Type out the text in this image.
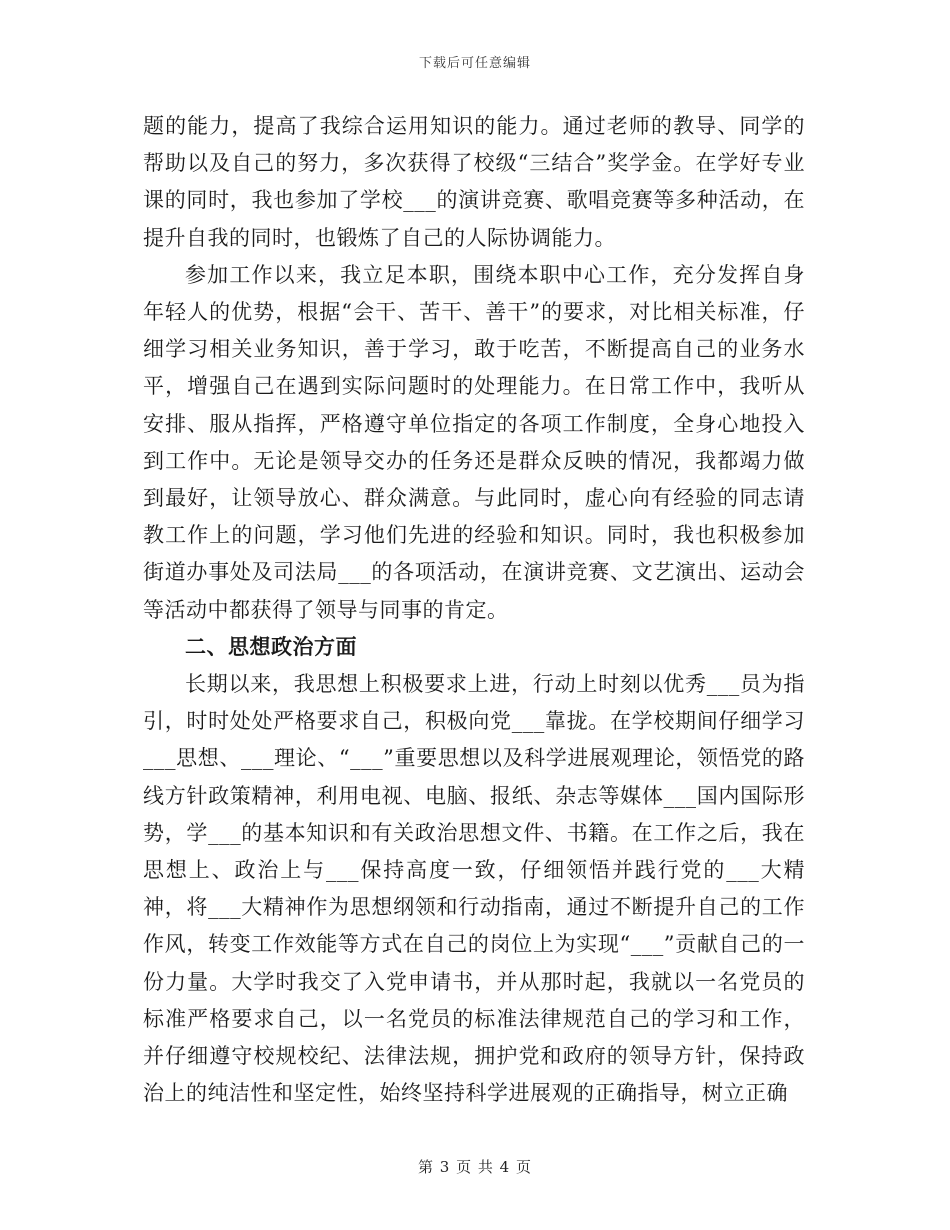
下载后可任意编辑

题的能力，提高了我综合运用知识的能力。通过老师的教导、同学的帮助以及自己的努力，多次获得了校级“三结合”奖学金。在学好专业课的同时，我也参加了学校___的演讲竞赛、歌唱竞赛等多种活动，在提升自我的同时，也锻炼了自己的人际协调能力。

参加工作以来，我立足本职，围绕本职中心工作，充分发挥自身年轻人的优势，根据“会干、苦干、善干”的要求，对比相关标准，仔细学习相关业务知识，善于学习，敢于吃苦，不断提高自己的业务水平，增强自己在遇到实际问题时的处理能力。在日常工作中，我听从安排、服从指挥，严格遵守单位指定的各项工作制度，全身心地投入到工作中。无论是领导交办的任务还是群众反映的情况，我都竭力做到最好，让领导放心、群众满意。与此同时，虚心向有经验的同志请教工作上的问题，学习他们先进的经验和知识。同时，我也积极参加街道办事处及司法局___的各项活动，在演讲竞赛、文艺演出、运动会等活动中都获得了领导与同事的肯定。

二、思想政治方面

长期以来，我思想上积极要求上进，行动上时刻以优秀___员为指引，时时处处严格要求自己，积极向党___靠拢。在学校期间仔细学习___思想、___理论、“___”重要思想以及科学进展观理论，领悟党的路线方针政策精神，利用电视、电脑、报纸、杂志等媒体___国内国际形势，学___的基本知识和有关政治思想文件、书籍。在工作之后，我在思想上、政治上与___保持高度一致，仔细领悟并践行党的___大精神，将___大精神作为思想纲领和行动指南，通过不断提升自己的工作作风，转变工作效能等方式在自己的岗位上为实现“___”贡献自己的一份力量。大学时我交了入党申请书，并从那时起，我就以一名党员的标准严格要求自己，以一名党员的标准法律规范自己的学习和工作，并仔细遵守校规校纪、法律法规，拥护党和政府的领导方针，保持政治上的纯洁性和坚定性，始终坚持科学进展观的正确指导，树立正确

第 3 页 共 4 页
